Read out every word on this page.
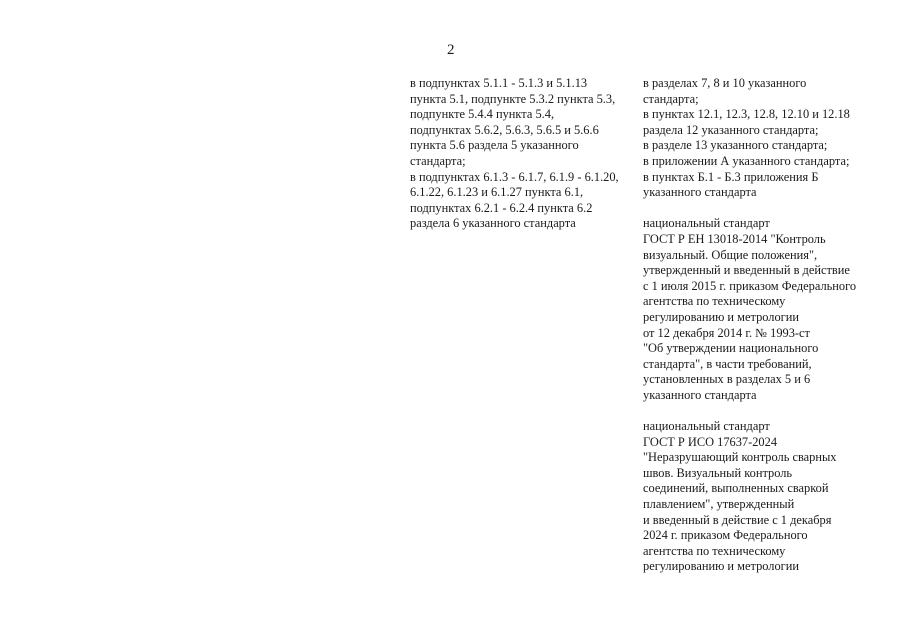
2
в подпунктах 5.1.1 - 5.1.3 и 5.1.13
пункта 5.1, подпункте 5.3.2 пункта 5.3,
подпункте 5.4.4 пункта 5.4,
подпунктах 5.6.2, 5.6.3, 5.6.5 и 5.6.6
пункта 5.6 раздела 5 указанного
стандарта;
в подпунктах 6.1.3 - 6.1.7, 6.1.9 - 6.1.20,
6.1.22, 6.1.23 и 6.1.27 пункта 6.1,
подпунктах 6.2.1 - 6.2.4 пункта 6.2
раздела 6 указанного стандарта
в разделах 7, 8 и 10 указанного
стандарта;
в пунктах 12.1, 12.3, 12.8, 12.10 и 12.18
раздела 12 указанного стандарта;
в разделе 13 указанного стандарта;
в приложении А указанного стандарта;
в пунктах Б.1 - Б.3 приложения Б
указанного стандарта
национальный стандарт
ГОСТ Р ЕН 13018-2014 "Контроль
визуальный. Общие положения",
утвержденный и введенный в действие
с 1 июля 2015 г. приказом Федерального
агентства по техническому
регулированию и метрологии
от 12 декабря 2014 г. № 1993-ст
"Об утверждении национального
стандарта", в части требований,
установленных в разделах 5 и 6
указанного стандарта
национальный стандарт
ГОСТ Р ИСО 17637-2024
"Неразрушающий контроль сварных
швов. Визуальный контроль
соединений, выполненных сваркой
плавлением", утвержденный
и введенный в действие с 1 декабря
2024 г. приказом Федерального
агентства по техническому
регулированию и метрологии
